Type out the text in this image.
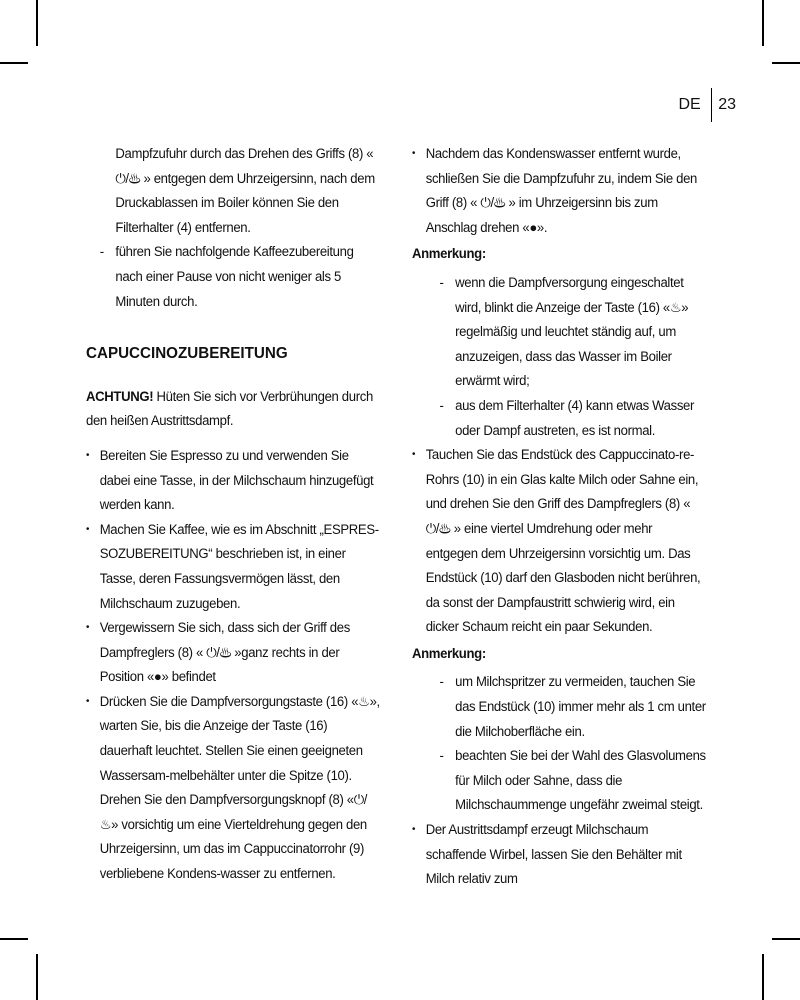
DE 23

Dampfzufuhr durch das Drehen des Griffs (8) « ⏻/♨ » entgegen dem Uhrzeigersinn, nach dem Druckablassen im Boiler können Sie den Filterhalter (4) entfernen.

- führen Sie nachfolgende Kaffeezubereitung nach einer Pause von nicht weniger als 5 Minuten durch.
CAPUCCINOZUBEREITUNG

ACHTUNG! Hüten Sie sich vor Verbrühungen durch den heißen Austrittsdampf.

• Bereiten Sie Espresso zu und verwenden Sie dabei eine Tasse, in der Milchschaum hinzugefügt werden kann.
• Machen Sie Kaffee, wie es im Abschnitt „ESPRES-SOZUBEREITUNG“ beschrieben ist, in einer Tasse, deren Fassungsvermögen lässt, den Milchschaum zuzugeben.
• Vergewissern Sie sich, dass sich der Griff des Dampfreglers (8) « ⏻/♨ »ganz rechts in der Position «●» befindet
• Drücken Sie die Dampfversorgungstaste (16) «♨», warten Sie, bis die Anzeige der Taste (16) dauerhaft leuchtet. Stellen Sie einen geeigneten Wassersam-melbehälter unter die Spitze (10). Drehen Sie den Dampfversorgungsknopf (8) «⏻/♨» vorsichtig um eine Vierteldrehung gegen den Uhrzeigersinn, um das im Cappuccinatorrohr (9) verbliebene Kondens-wasser zu entfernen.
• Nachdem das Kondenswasser entfernt wurde, schließen Sie die Dampfzufuhr zu, indem Sie den Griff (8) « ⏻/♨ » im Uhrzeigersinn bis zum Anschlag drehen «●».

Anmerkung:

- wenn die Dampfversorgung eingeschaltet wird, blinkt die Anzeige der Taste (16) «♨» regelmäßig und leuchtet ständig auf, um anzuzeigen, dass das Wasser im Boiler erwärmt wird;
- aus dem Filterhalter (4) kann etwas Wasser oder Dampf austreten, es ist normal.
• Tauchen Sie das Endstück des Cappuccinato-re-Rohrs (10) in ein Glas kalte Milch oder Sahne ein, und drehen Sie den Griff des Dampfreglers (8) « ⏻/♨ » eine viertel Umdrehung oder mehr entgegen dem Uhrzeigersinn vorsichtig um. Das Endstück (10) darf den Glasboden nicht berühren, da sonst der Dampfaustritt schwierig wird, ein dicker Schaum reicht ein paar Sekunden.

Anmerkung:

- um Milchspritzer zu vermeiden, tauchen Sie das Endstück (10) immer mehr als 1 cm unter die Milchoberfläche ein.
- beachten Sie bei der Wahl des Glasvolumens für Milch oder Sahne, dass die Milchschaummenge ungefähr zweimal steigt.
• Der Austrittsdampf erzeugt Milchschaum schaffende Wirbel, lassen Sie den Behälter mit Milch relativ zum
